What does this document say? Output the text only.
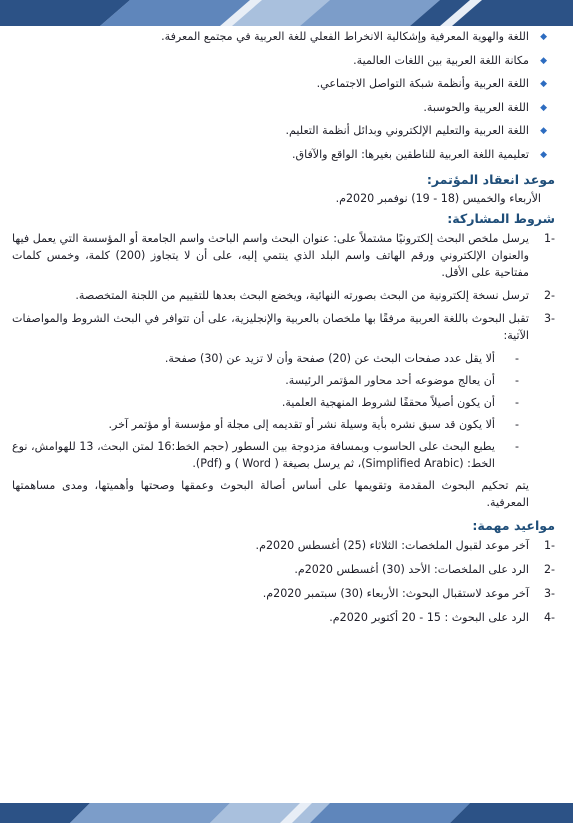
◆
اللغة والهوية المعرفية وإشكالية الانخراط الفعلي للغة العربية في مجتمع المعرفة.
◆
مكانة اللغة العربية بين اللغات العالمية.
◆
اللغة العربية وأنظمة شبكة التواصل الاجتماعي.
◆
اللغة العربية والحوسبة.
◆
اللغة العربية والتعليم الإلكتروني وبدائل أنظمة التعليم.
◆
تعليمية اللغة العربية للناطقين بغيرها: الواقع والآفاق.
موعد انعقاد المؤتمر:
الأربعاء والخميس (18 - 19) نوفمبر 2020م.
شروط المشاركة:
1-
يرسل ملخص البحث إلكترونيًا مشتملاً على: عنوان البحث واسم الباحث واسم الجامعة أو المؤسسة التي يعمل فيها والعنوان الإلكتروني ورقم الهاتف واسم البلد الذي ينتمي إليه، على أن لا يتجاوز (200) كلمة، وخمس كلمات مفتاحية على الأقل.
2-
ترسل نسخة إلكترونية من البحث بصورته النهائية، ويخضع البحث بعدها للتقييم من اللجنة المتخصصة.
3-
تقبل البحوث باللغة العربية مرفقًا بها ملخصان بالعربية والإنجليزية، على أن تتوافر في البحث الشروط والمواصفات الآتية:
-
ألا يقل عدد صفحات البحث عن (20) صفحة وأن لا تزيد عن (30) صفحة.
-
أن يعالج موضوعه أحد محاور المؤتمر الرئيسة.
-
أن يكون أصيلاً محققًا لشروط المنهجية العلمية.
-
ألا يكون قد سبق نشره بأية وسيلة نشر أو تقديمه إلى مجلة أو مؤسسة أو مؤتمر آخر.
-
يطبع البحث على الحاسوب وبمسافة مزدوجة بين السطور (حجم الخط:16 لمتن البحث، 13 للهوامش، نوع الخط: (Simplified Arabic)، ثم يرسل بصيغة ( Word ) و (Pdf).
يتم تحكيم البحوث المقدمة وتقويمها على أساس أصالة البحوث وعمقها وصحتها وأهميتها، ومدى مساهمتها المعرفية.
مواعيد مهمة:
1-
آخر موعد لقبول الملخصات: الثلاثاء (25) أغسطس 2020م.
2-
الرد على الملخصات: الأحد (30) أغسطس 2020م.
3-
آخر موعد لاستقبال البحوث: الأربعاء (30) سبتمبر 2020م.
4-
الرد على البحوث : 15 - 20 أكتوبر 2020م.
